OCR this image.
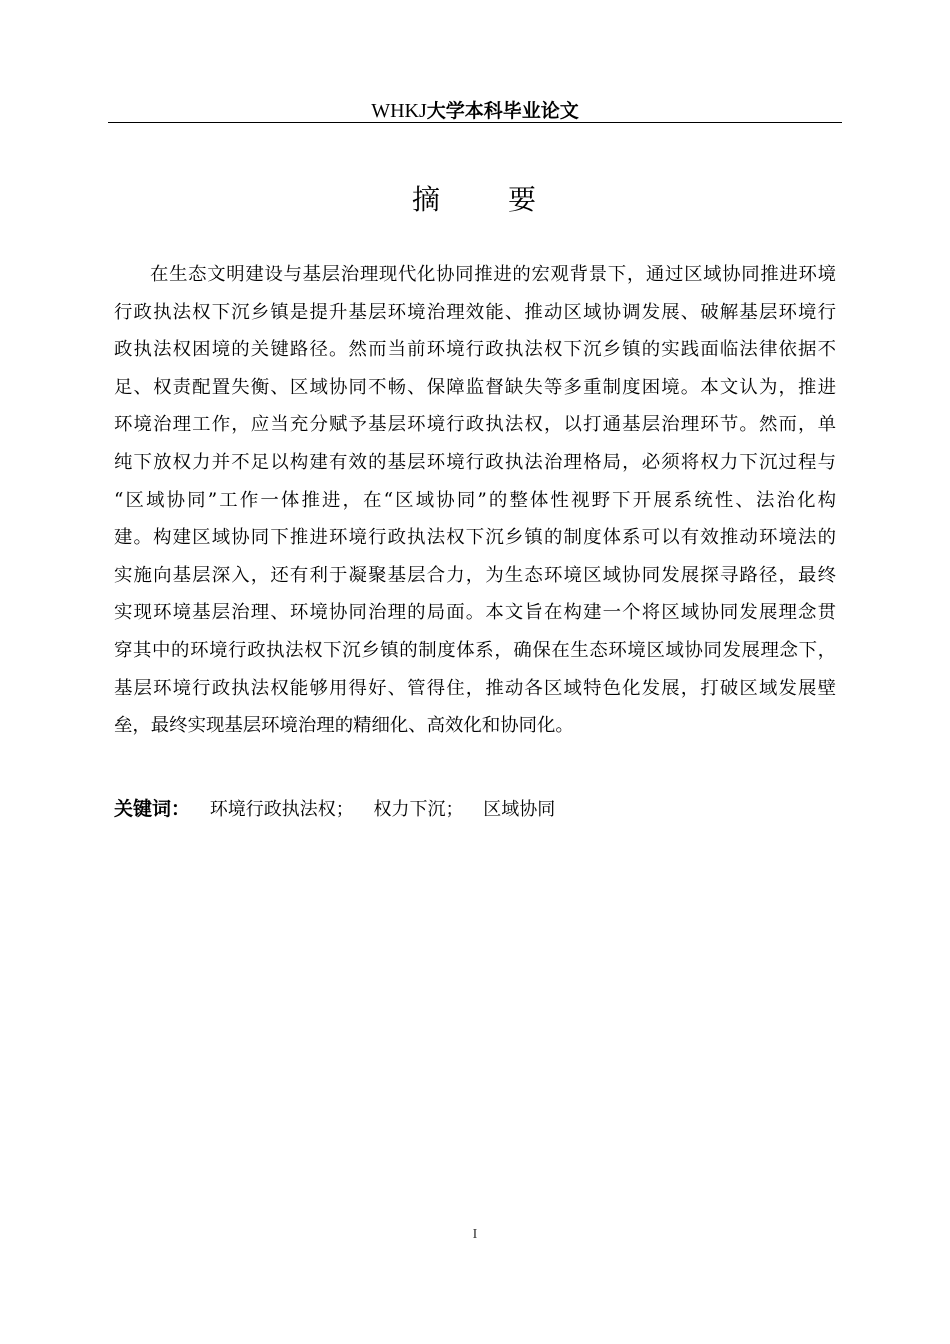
WHKJ大学本科毕业论文
摘 要
在生态文明建设与基层治理现代化协同推进的宏观背景下，通过区域协同推进环境
行政执法权下沉乡镇是提升基层环境治理效能、推动区域协调发展、破解基层环境行
政执法权困境的关键路径。然而当前环境行政执法权下沉乡镇的实践面临法律依据不
足、权责配置失衡、区域协同不畅、保障监督缺失等多重制度困境。本文认为，推进
环境治理工作，应当充分赋予基层环境行政执法权，以打通基层治理环节。然而，单
纯下放权力并不足以构建有效的基层环境行政执法治理格局，必须将权力下沉过程与
“区域协同”工作一体推进，在“区域协同”的整体性视野下开展系统性、法治化构
建。构建区域协同下推进环境行政执法权下沉乡镇的制度体系可以有效推动环境法的
实施向基层深入，还有利于凝聚基层合力，为生态环境区域协同发展探寻路径，最终
实现环境基层治理、环境协同治理的局面。本文旨在构建一个将区域协同发展理念贯
穿其中的环境行政执法权下沉乡镇的制度体系，确保在生态环境区域协同发展理念下，
基层环境行政执法权能够用得好、管得住，推动各区域特色化发展，打破区域发展壁
垒，最终实现基层环境治理的精细化、高效化和协同化。
关键词： 环境行政执法权； 权力下沉； 区域协同
I
